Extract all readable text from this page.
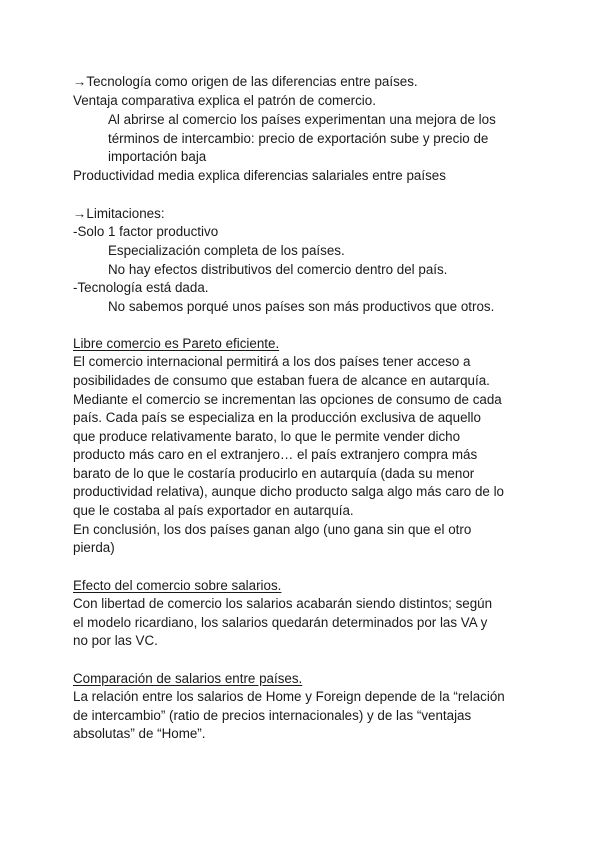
→Tecnología como origen de las diferencias entre países.
Ventaja comparativa explica el patrón de comercio.
Al abrirse al comercio los países experimentan una mejora de los
términos de intercambio: precio de exportación sube y precio de
importación baja
Productividad media explica diferencias salariales entre países
→Limitaciones:
-Solo 1 factor productivo
Especialización completa de los países.
No hay efectos distributivos del comercio dentro del país.
-Tecnología está dada.
No sabemos porqué unos países son más productivos que otros.
Libre comercio es Pareto eficiente.
El comercio internacional permitirá a los dos países tener acceso a
posibilidades de consumo que estaban fuera de alcance en autarquía.
Mediante el comercio se incrementan las opciones de consumo de cada
país. Cada país se especializa en la producción exclusiva de aquello
que produce relativamente barato, lo que le permite vender dicho
producto más caro en el extranjero… el país extranjero compra más
barato de lo que le costaría producirlo en autarquía (dada su menor
productividad relativa), aunque dicho producto salga algo más caro de lo
que le costaba al país exportador en autarquía.
En conclusión, los dos países ganan algo (uno gana sin que el otro
pierda)
Efecto del comercio sobre salarios.
Con libertad de comercio los salarios acabarán siendo distintos; según
el modelo ricardiano, los salarios quedarán determinados por las VA y
no por las VC.
Comparación de salarios entre países.
La relación entre los salarios de Home y Foreign depende de la “relación
de intercambio” (ratio de precios internacionales) y de las “ventajas
absolutas” de “Home”.
